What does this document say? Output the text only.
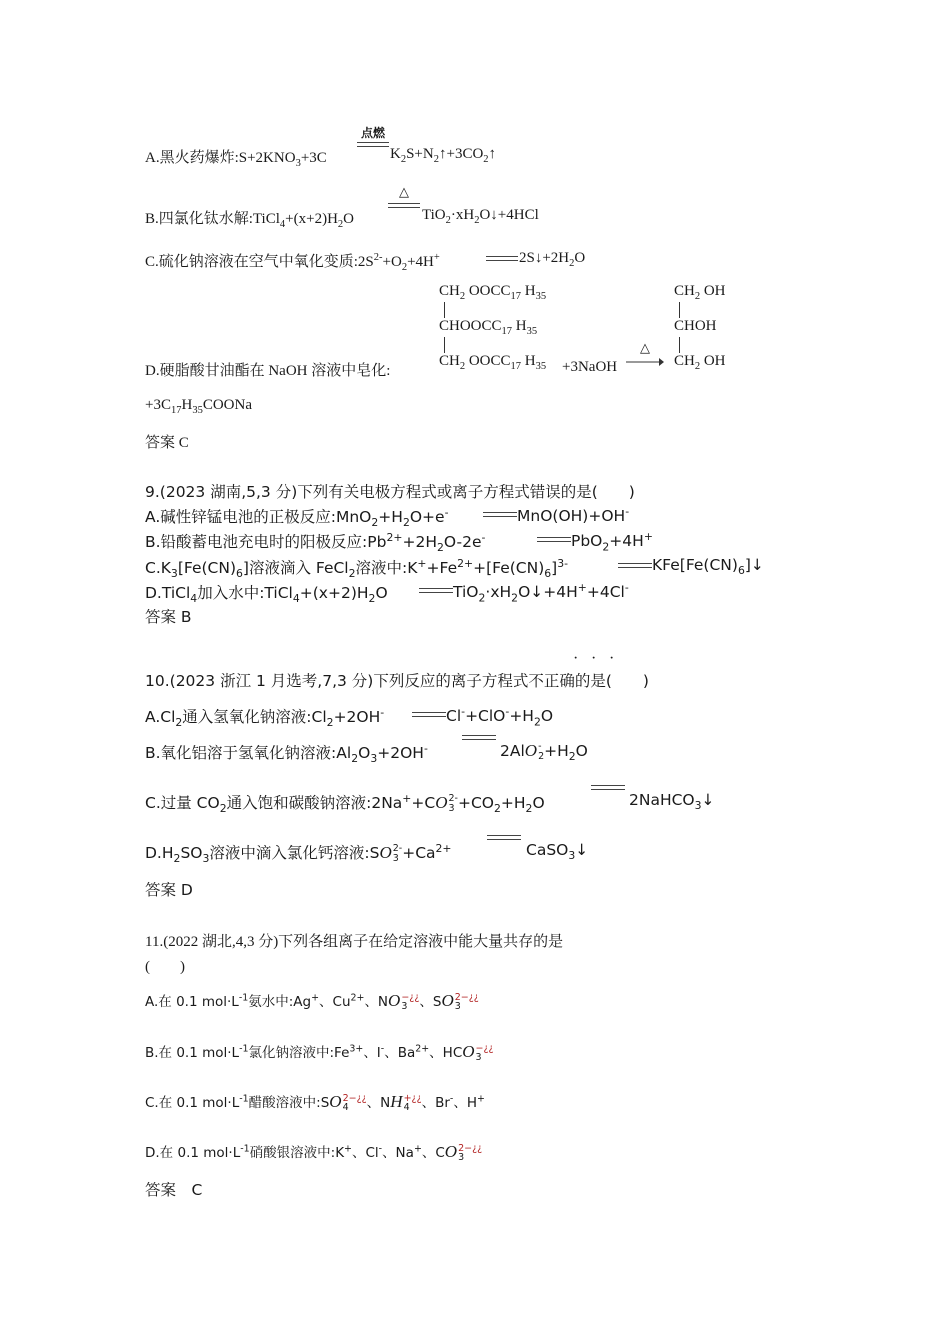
A.黑火药爆炸$:S+2KNO_3+3C$
点燃
$K_2S+N_2↑+3CO_2↑$
B.四氯化钛水解$:TiCl_4+(x+2)H_2O$
△
$TiO_2\cdot xH_2O↓+4HCl$
C.硫化钠溶液在空气中氧化变质$:2S^{2-}+O_2+4H^+$	$2S↓+2H_2O$
$CH_2$ $OOCC_{17}$ $H_{35}$
$CHOOCC_{17}$ $H_{35}$
$CH_2$ $OOCC_{17}$ $H_{35}$
D.硬脂酸甘油酯在 NaOH 溶液中皂化:	+3NaOH
△
$CH_2$ OH
CHOH
$CH_2$ OH
$+3C_{17}H_{35}COONa$
答案 C
9.(2023 湖南,5,3 分)下列有关电极方程式或离子方程式错误的是(　　)
A.碱性锌锰电池的正极反应$:MnO_2+H_2O+e^-$	MnO(OH)+OH-
B.铅酸蓄电池充电时的阳极反应$:Pb^{2+}+2H_2O-2e^-$	PbO$_2$+4H+
$C.K_3[Fe(CN)_6]$溶液滴入 FeCl$_2$溶液中$:K^++Fe^{2+}+[Fe(CN)_6]^{3-}$	$KFe[Fe(CN)_6]↓$
D.TiCl$_4$加入水中$:TiCl_4+(x+2)H_2O$	$TiO_2\cdot xH_2O↓+4H^++4Cl^-$
答案 B
· · ·
10.(2023 浙江 1 月选考,7,3 分)下列反应的离子方程式不正确的是(　　)
$A.Cl_2$通入氢氧化钠溶液$:Cl_2+2OH^-$	$Cl^-+ClO^-+H_2O$
B.氧化铝溶于氢氧化钠溶液$:Al_2O_3+2OH^-$	2AlO-
$2+H_2O$
C.过量 $CO_2$通入饱和碳酸钠溶液:2Na++CO2-
$3 +CO_2+H_2O$	2NaHCO$_3$↓
$D.H_2SO_3$溶液中滴入氯化钙溶液:SO2-
$3 +Ca^{2+}$	CaSO$_3$↓
答案 D
11.(2022 湖北,4,3 分)下列各组离子在给定溶液中能大量共存的是
(　　)
A.在 0.1 $mol\cdot L^{-1}$氨水中:Ag+、$Cu^{2+}$、NO−¿¿
3 、SO2−¿¿
3
B.在 0.1 $mol\cdot L^{-1}$氯化钠溶液中$:Fe^{3+}$、I-、$Ba^{2+}$、HCO−¿¿
3
C.在 0.1 $mol\cdot L^{-1}$醋酸溶液中:SO2−¿¿
4 、NH+¿¿
4 、Br-、H+
D.在 0.1 $mol\cdot L^{-1}$硝酸银溶液中:K+、Cl-、Na+、CO2−¿¿
3
答案　C
